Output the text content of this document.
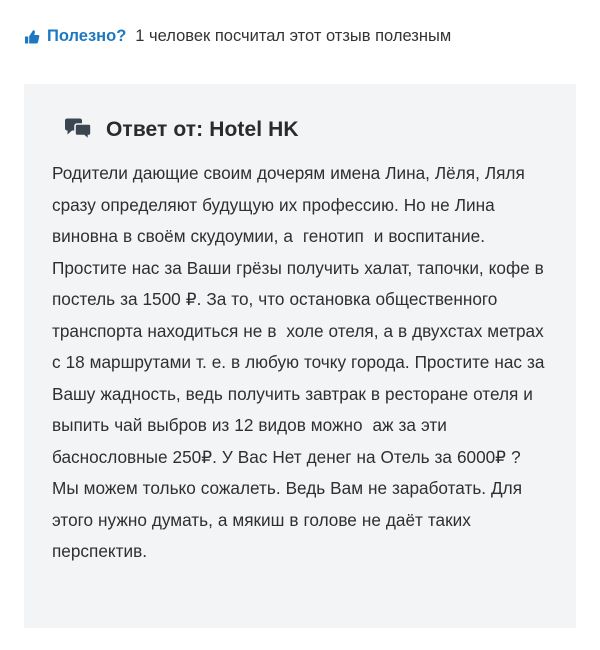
Полезно? 1 человек посчитал этот отзыв полезным
Ответ от: Hotel HK
Родители дающие своим дочерям имена Лина, Лёля, Ляля сразу определяют будущую их профессию. Но не Лина виновна в своём скудоумии, а  генотип  и воспитание. Простите нас за Ваши грёзы получить халат, тапочки, кофе в постель за 1500 ₽. За то, что остановка общественного транспорта находиться не в  холе отеля, а в двухстах метрах с 18 маршрутами т. е. в любую точку города. Простите нас за Вашу жадность, ведь получить завтрак в ресторане отеля и выпить чай выбров из 12 видов можно  аж за эти баснословные 250₽. У Вас Нет денег на Отель за 6000₽ ? Мы можем только сожалеть. Ведь Вам не заработать. Для этого нужно думать, а мякиш в голове не даёт таких перспектив.
